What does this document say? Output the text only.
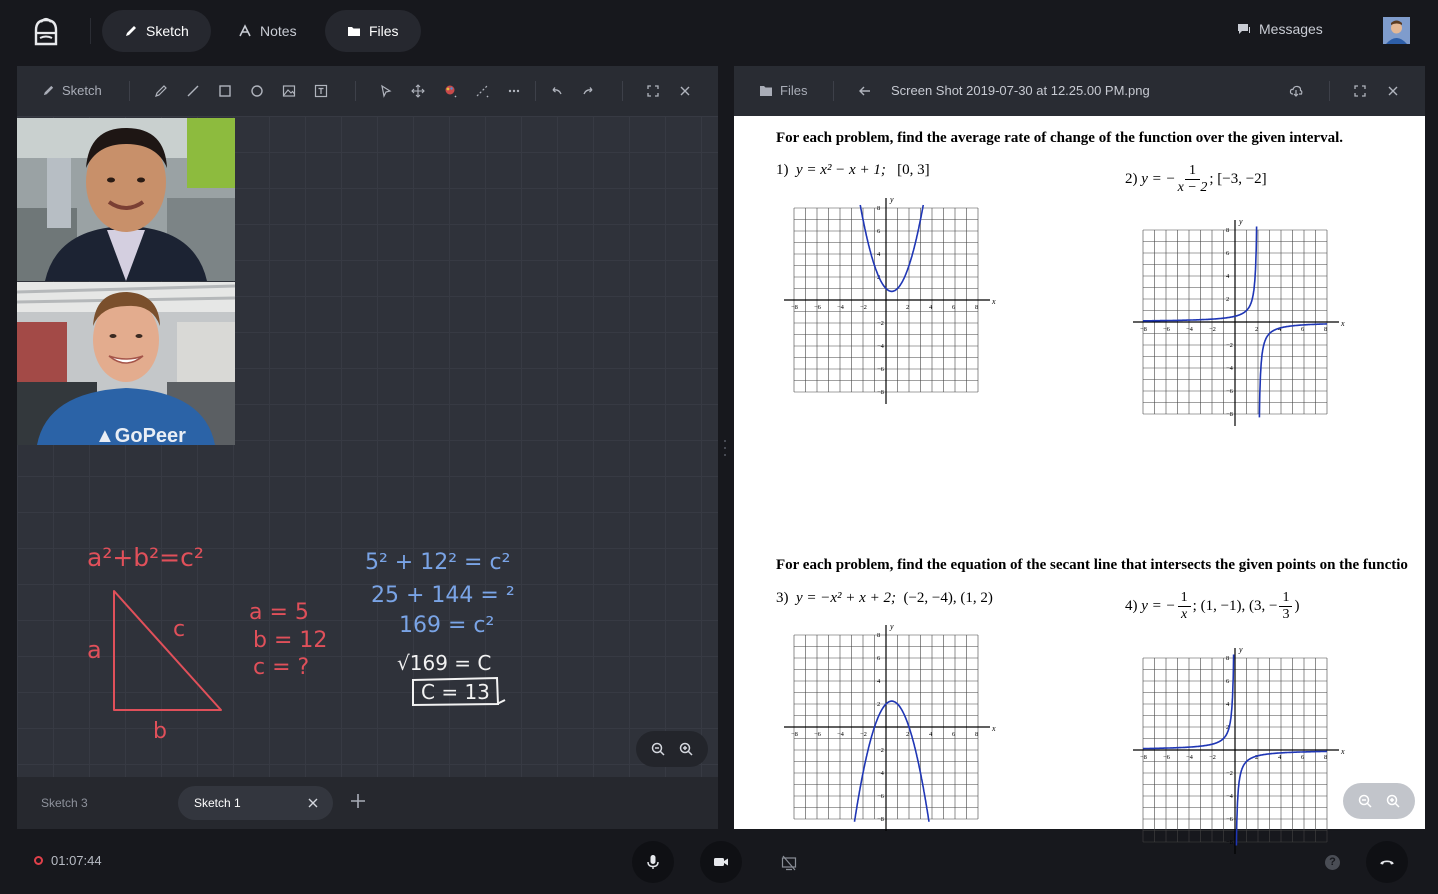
Sketch	Notes	Files	Messages
Sketch
▲GoPeer
a²+b²=c²
a
b
c
a = 5
b = 12
c = ?
5² + 12² = c²
25 + 144 = ²
169 = c²
√169 = C
C = 13
Sketch 3	Sketch 1
Files	Screen Shot 2019-07-30 at 12.25.00 PM.png
x
y
−8
−8
−6
−6
−4
−4
−2
−2
2
2
4
4
6
6
8
8
x
y
−8
−8
−6
−6
−4
−4
−2
−2
2
2
4
4
6
6
8
8
x
y
−8
−8
−6
−6
−4
−4
−2
−2
2
2
4
4
6
6
8
8
x
y
−8
−8
−6
−6
−4
−4
−2
−2
2
2
4
4
6
6
8
8
For each problem, find the average rate of change of the function over the given interval.
1) y = x² − x + 1; [0, 3]
2)
y = − $\frac{1}{x - 2}$ ; [−3, −2]
For each problem, find the equation of the secant line that intersects the given points on the functio
3) y = −x² + x + 2; (−2, −4), (1, 2)	4)
y = − $\frac{1}{x}$ ; (1, −1), (3, − $\frac{1}{3}$ )
01:07:44	?
